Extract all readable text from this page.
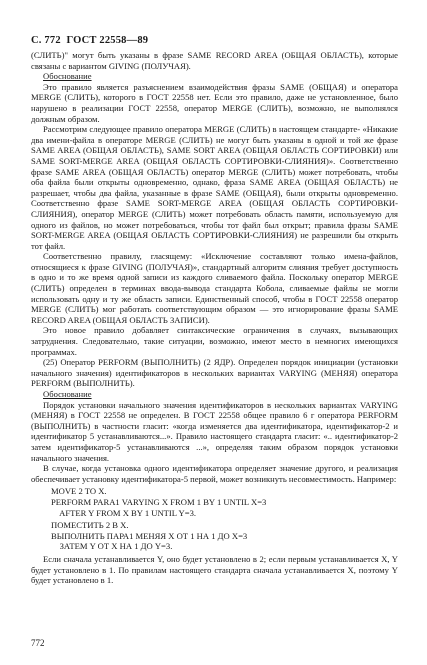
С. 772 ГОСТ 22558—89

(СЛИТЬ)" могут быть указаны в фразе SAME RECORD AREA (ОБЩАЯ ОБЛАСТЬ), которые связаны с вариантом GIVING (ПОЛУЧАЯ).

Обоснование

Это правило является разъяснением взаимодействия фразы SAME (ОБЩАЯ) и оператора MERGE (СЛИТЬ), которого в ГОСТ 22558 нет. Если это правило, даже не установленное, было нарушено в реализации ГОСТ 22558, оператор MERGE (СЛИТЬ), возможно, не выполнялся должным образом.

Рассмотрим следующее правило оператора MERGE (СЛИТЬ) в настоящем стандарте- «Никакие два имени-файла в операторе MERGE (СЛИТЬ) не могут быть указаны в одной и той же фразе SAME AREA (ОБЩАЯ ОБЛАСТЬ), SAME SORT AREA (ОБЩАЯ ОБЛАСТЬ СОРТИРОВКИ) или SAME SORT-MERGE AREA (ОБЩАЯ ОБЛАСТЬ СОРТИРОВКИ-СЛИЯНИЯ)». Соответственно фразе SAME AREA (ОБЩАЯ ОБЛАСТЬ) оператор MERGE (СЛИТЬ) может потребовать, чтобы оба файла были открыты одновременно, однако, фраза SAME AREA (ОБЩАЯ ОБЛАСТЬ) не разрешает, чтобы два файла, указанные в фразе SAME (ОБЩАЯ), были открыты одновременно. Соответственно фразе SAME SORT-MERGE AREA (ОБЩАЯ ОБЛАСТЬ СОРТИРОВКИ-СЛИЯНИЯ), оператор MERGE (СЛИТЬ) может потребовать область памяти, используемую для одного из файлов, но может потребоваться, чтобы тот файл был открыт; правила фразы SAME SORT-MERGE AREA (ОБЩАЯ ОБЛАСТЬ СОРТИРОВКИ-СЛИЯНИЯ) не разрешили бы открыть тот файл.

Соответственно правилу, гласящему: «Исключение составляют только имена-файлов, относящиеся к фразе GIVING (ПОЛУЧАЯ)», стандартный алгоритм слияния требует доступность в одно и то же время одной записи из каждого сливаемого файла. Поскольку оператор MERGE (СЛИТЬ) определен в терминах ввода-вывода стандарта Кобола, сливаемые файлы не могли использовать одну и ту же область записи. Единственный способ, чтобы в ГОСТ 22558 оператор MERGE (СЛИТЬ) мог работать соответствующим образом — это игнорирование фразы SAME RECORD AREA (ОБЩАЯ ОБЛАСТЬ ЗАПИСИ).

Это новое правило добавляет синтаксические ограничения в случаях, вызывающих затруднения. Следовательно, такие ситуации, возможно, имеют место в немногих имеющихся программах.

(25) Оператор PERFORM (ВЫПОЛНИТЬ) (2 ЯДР). Определен порядок инициации (установки начального значения) идентификаторов в нескольких вариантах VARYING (МЕНЯЯ) оператора PERFORM (ВЫПОЛНИТЬ).

Обоснование

Порядок установки начального значения идентификаторов в нескольких вариантах VARYING (МЕНЯЯ) в ГОСТ 22558 не определен. В ГОСТ 22558 общее правило 6 г оператора PERFORM (ВЫПОЛНИТЬ) в частности гласит: «когда изменяется два идентификатора, идентификатор-2 и идентификатор 5 устанавливаются...». Правило настоящего стандарта гласит: «.. идентификатор-2 затем идентификатор-5 устанавливаются ...», определяя таким образом порядок установки начального значения.

В случае, когда установка одного идентификатора определяет значение другого, и реализация обеспечивает установку идентификатора-5 первой, может возникнуть несовместимость. Например:

MOVE 2 TO X.
PERFORM PARA1 VARYING X FROM 1 BY 1 UNTIL X=3
AFTER Y FROM X BY 1 UNTIL Y=3.
ПОМЕСТИТЬ 2 В X.
ВЫПОЛНИТЬ ПАРА1 МЕНЯЯ X ОТ 1 НА 1 ДО X=3
ЗАТЕМ Y ОТ X НА 1 ДО Y=3.

Если сначала устанавливается Y, оно будет установлено в 2; если первым устанавливается X, Y будет установлено в 1. По правилам настоящего стандарта сначала устанавливается X, поэтому Y будет установлено в 1.

772
